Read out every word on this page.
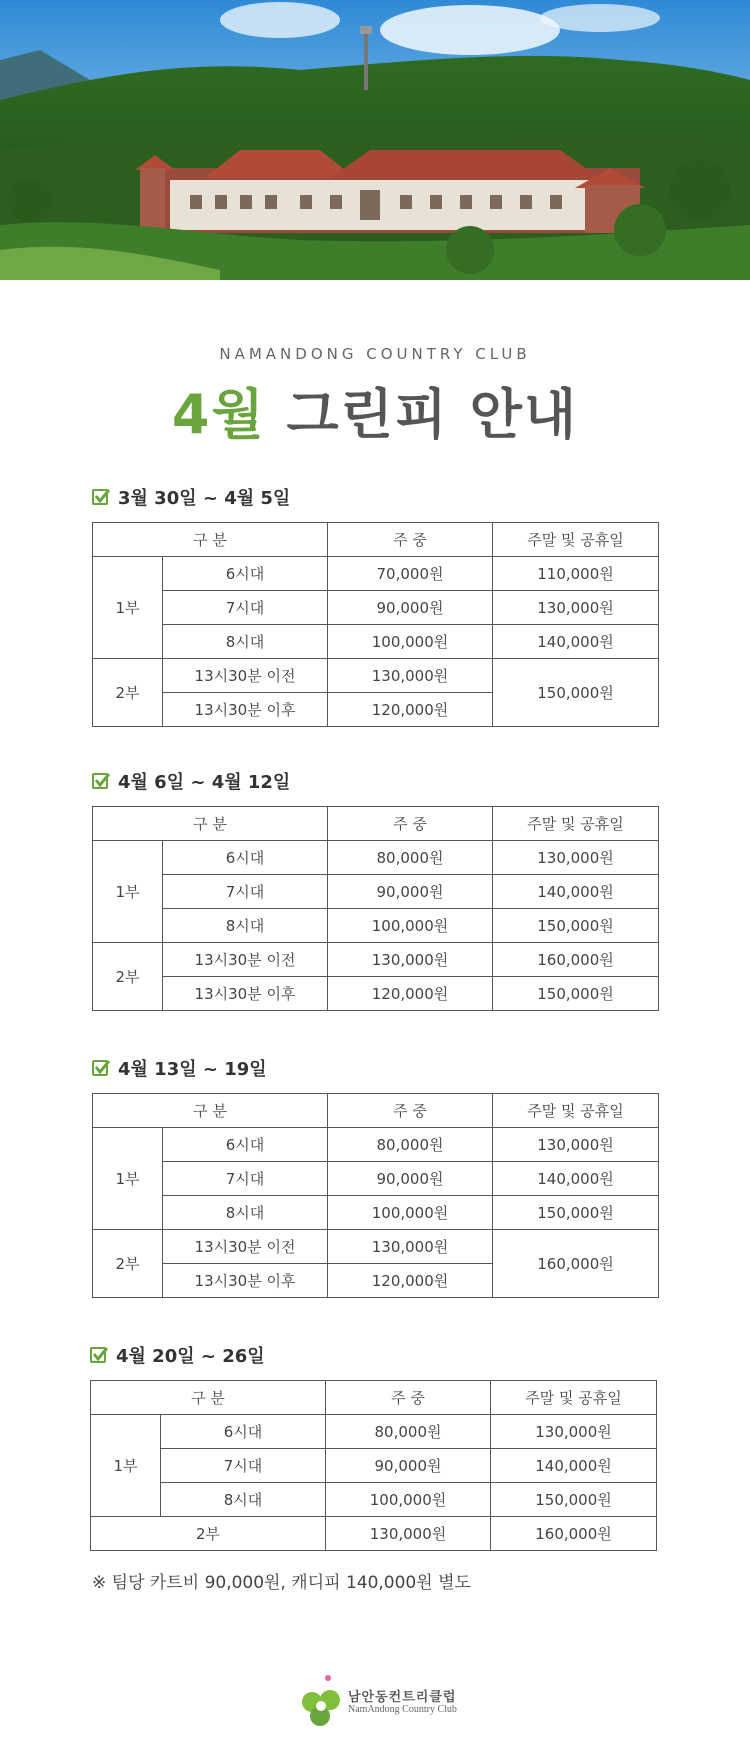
NAMANDONG COUNTRY CLUB
4월 그린피 안내
3월 30일 ~ 4월 5일
구 분		주 중	주말 및 공휴일
1부	6시대	70,000원	110,000원
	7시대	90,000원	130,000원
	8시대	100,000원	140,000원
2부	13시30분 이전	130,000원	150,000원
	13시30분 이후	120,000원	
4월 6일 ~ 4월 12일
구 분		주 중	주말 및 공휴일
1부	6시대	80,000원	130,000원
	7시대	90,000원	140,000원
	8시대	100,000원	150,000원
2부	13시30분 이전	130,000원	160,000원
	13시30분 이후	120,000원	150,000원
4월 13일 ~ 19일
구 분		주 중	주말 및 공휴일
1부	6시대	80,000원	130,000원
	7시대	90,000원	140,000원
	8시대	100,000원	150,000원
2부	13시30분 이전	130,000원	160,000원
	13시30분 이후	120,000원	
4월 20일 ~ 26일
구 분		주 중	주말 및 공휴일
1부	6시대	80,000원	130,000원
	7시대	90,000원	140,000원
	8시대	100,000원	150,000원
2부		130,000원	160,000원
※ 팀당 카트비 90,000원, 캐디피 140,000원 별도
남안동컨트리클럽
NamAndong Country Club
